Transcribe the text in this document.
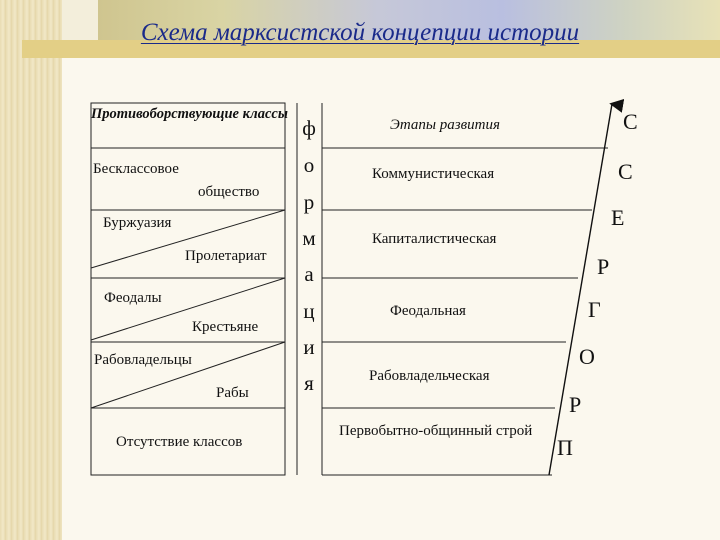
Схема марксистской концепции истории
Противоборствующие классы
Бесклассовое
общество
Буржуазия
Пролетариат
Феодалы
Крестьяне
Рабовладельцы
Рабы
Отсутствие классов
ф
о
р
м
а
ц
и
я
Этапы развития
Коммунистическая
Капиталистическая
Феодальная
Рабовладельческая
Первобытно-общинный строй
С
С
Е
Р
Г
О
Р
П
